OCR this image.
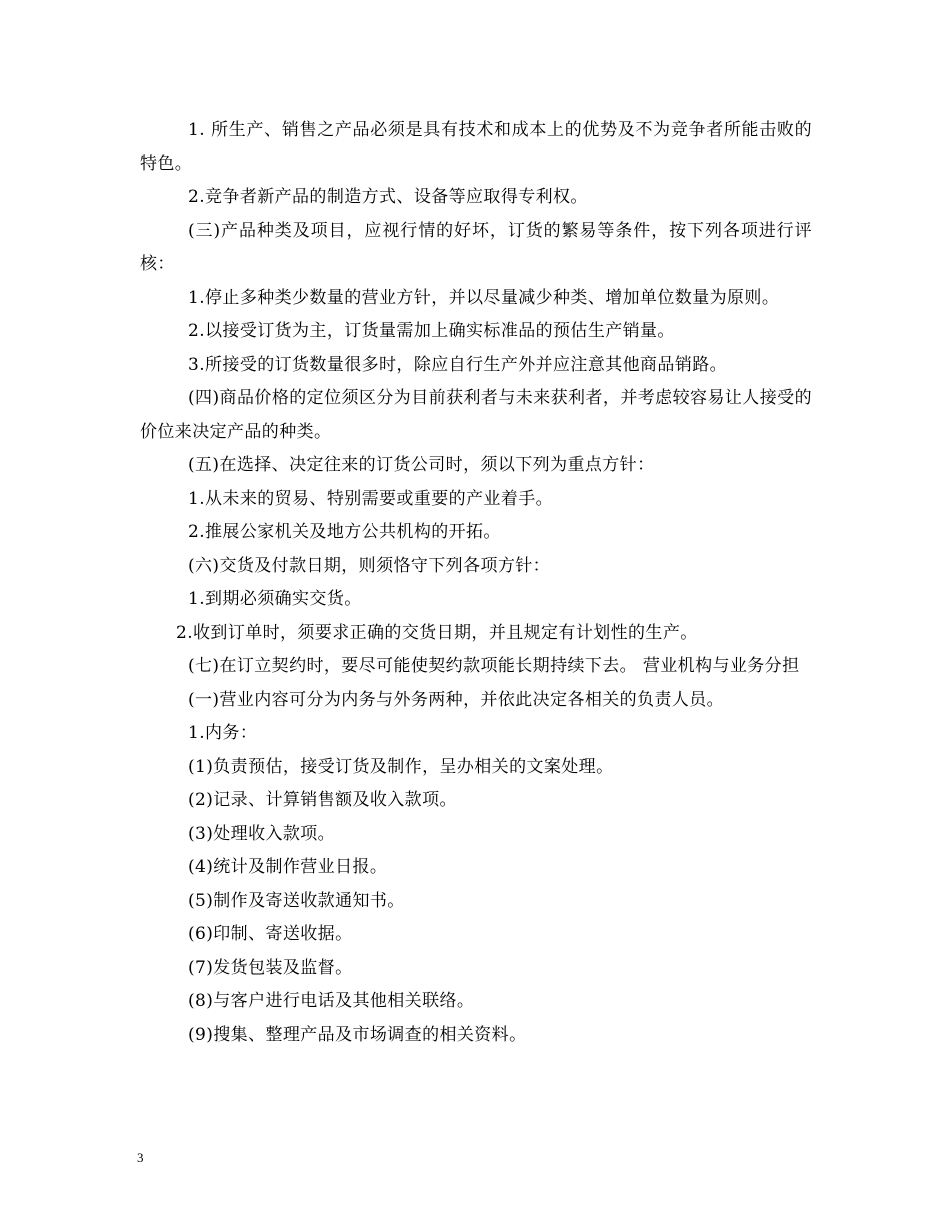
1. 所生产、销售之产品必须是具有技术和成本上的优势及不为竞争者所能击败的特色。

2.竞争者新产品的制造方式、设备等应取得专利权。

(三)产品种类及项目，应视行情的好坏，订货的繁易等条件，按下列各项进行评核：

1.停止多种类少数量的营业方针，并以尽量减少种类、增加单位数量为原则。

2.以接受订货为主，订货量需加上确实标准品的预估生产销量。

3.所接受的订货数量很多时，除应自行生产外并应注意其他商品销路。

(四)商品价格的定位须区分为目前获利者与未来获利者，并考虑较容易让人接受的价位来决定产品的种类。

(五)在选择、决定往来的订货公司时，须以下列为重点方针：

1.从未来的贸易、特别需要或重要的产业着手。

2.推展公家机关及地方公共机构的开拓。

(六)交货及付款日期，则须恪守下列各项方针：

1.到期必须确实交货。

2.收到订单时，须要求正确的交货日期，并且规定有计划性的生产。

(七)在订立契约时，要尽可能使契约款项能长期持续下去。 营业机构与业务分担

(一)营业内容可分为内务与外务两种，并依此决定各相关的负责人员。

1.内务：

(1)负责预估，接受订货及制作，呈办相关的文案处理。

(2)记录、计算销售额及收入款项。

(3)处理收入款项。

(4)统计及制作营业日报。

(5)制作及寄送收款通知书。

(6)印制、寄送收据。

(7)发货包装及监督。

(8)与客户进行电话及其他相关联络。

(9)搜集、整理产品及市场调查的相关资料。

3
